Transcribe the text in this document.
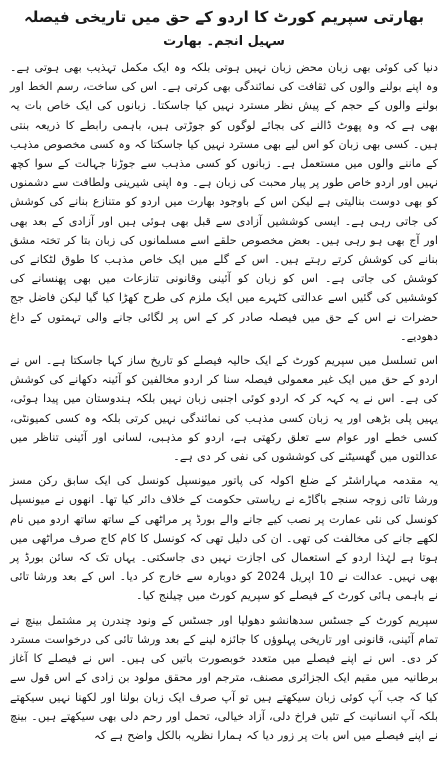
بھارتی سپریم کورٹ کا اردو کے حق میں تاریخی فیصلہ
سہیل انجم۔ بھارت

دنیا کی کوئی بھی زبان محض زبان نہیں ہوتی بلکہ وہ ایک مکمل تہذیب بھی ہوتی ہے۔ وہ اپنے بولنے والوں کی ثقافت کی نمائندگی بھی کرتی ہے۔ اس کی ساخت، رسم الخط اور بولنے والوں کے حجم کے پیش نظر مسترد نہیں کیا جاسکتا۔ زبانوں کی ایک خاص بات یہ بھی ہے کہ وہ پھوٹ ڈالنے کی بجائے لوگوں کو جوڑتی ہیں، باہمی رابطے کا ذریعہ بنتی ہیں۔ کسی بھی زبان کو اس لیے بھی مسترد نہیں کیا جاسکتا کہ وہ کسی مخصوص مذہب کے ماننے والوں میں مستعمل ہے۔ زبانوں کو کسی مذہب سے جوڑنا جہالت کے سوا کچھ نہیں اور اردو خاص طور پر پیار محبت کی زبان ہے۔ وہ اپنی شیرینی ولطافت سے دشمنوں کو بھی دوست بنالیتی ہے لیکن اس کے باوجود بھارت میں اردو کو متنازع بنانے کی کوشش کی جاتی رہی ہے۔ ایسی کوششیں آزادی سے قبل بھی ہوئی ہیں اور آزادی کے بعد بھی اور آج بھی ہو رہی ہیں۔ بعض مخصوص حلقے اسے مسلمانوں کی زبان بتا کر تختہ مشق بنانے کی کوشش کرتے رہتے ہیں۔ اس کے گلے میں ایک خاص مذہب کا طوق لٹکانے کی کوشش کی جاتی ہے۔ اس کو زبان کو آئینی وقانونی تنازعات میں بھی پھنسانے کی کوششیں کی گئیں اسے عدالتی کٹہرے میں ایک ملزم کی طرح کھڑا کیا گیا لیکن فاضل جج حضرات نے اس کے حق میں فیصلہ صادر کر کے اس پر لگائی جانے والی تہمتوں کے داغ دھودیے۔

اس تسلسل میں سپریم کورٹ کے ایک حالیہ فیصلے کو تاریخ ساز کہا جاسکتا ہے۔ اس نے اردو کے حق میں ایک غیر معمولی فیصلہ سنا کر اردو مخالفین کو آئینہ دکھانے کی کوشش کی ہے۔ اس نے یہ کہہ کر کہ اردو کوئی اجنبی زبان نہیں بلکہ ہندوستان میں پیدا ہوئی، یہیں پلی بڑھی اور یہ زبان کسی مذہب کی نمائندگی نہیں کرتی بلکہ وہ کسی کمیونٹی، کسی خطے اور عوام سے تعلق رکھتی ہے، اردو کو مذہبی، لسانی اور آئینی تناظر میں عدالتوں میں گھسیٹنے کی کوششوں کی نفی کر دی ہے۔

یہ مقدمہ مہاراشٹر کے ضلع اکولہ کی پاتور میونسپل کونسل کی ایک سابق رکن مسز ورشا تائی زوجہ سنجے باگاڑے نے ریاستی حکومت کے خلاف دائر کیا تھا۔ انھوں نے میونسپل کونسل کی نئی عمارت پر نصب کیے جانے والے بورڈ پر مراٹھی کے ساتھ ساتھ اردو میں نام لکھے جانے کی مخالفت کی تھی۔ ان کی دلیل تھی کہ کونسل کا کام کاج صرف مراٹھی میں ہوتا ہے لہٰذا اردو کے استعمال کی اجازت نہیں دی جاسکتی۔ یہاں تک کہ سائن بورڈ پر بھی نہیں۔ عدالت نے 10 اپریل 2024 کو دوبارہ سے خارج کر دیا۔ اس کے بعد ورشا تائی نے باہمی ہائی کورٹ کے فیصلے کو سپریم کورٹ میں چیلنج کیا۔

سپریم کورٹ کے جسٹس سدھانشو دھولیا اور جسٹس کے ونود چندرن پر مشتمل بینچ نے تمام آئینی، قانونی اور تاریخی پہلوؤں کا جائزہ لینے کے بعد ورشا تائی کی درخواست مسترد کر دی۔ اس نے اپنے فیصلے میں متعدد خوبصورت باتیں کی ہیں۔ اس نے فیصلے کا آغاز برطانیہ میں مقیم ایک الجزائری مصنف، مترجم اور محقق مولود بن زادی کے اس قول سے کیا کہ جب آپ کوئی زبان سیکھتے ہیں تو آپ صرف ایک زبان بولنا اور لکھنا نہیں سیکھتے بلکہ آپ انسانیت کے تئیں فراخ دلی، آزاد خیالی، تحمل اور رحم دلی بھی سیکھتے ہیں۔ بینچ نے اپنے فیصلے میں اس بات پر زور دیا کہ ہمارا نظریہ بالکل واضح ہے کہ
